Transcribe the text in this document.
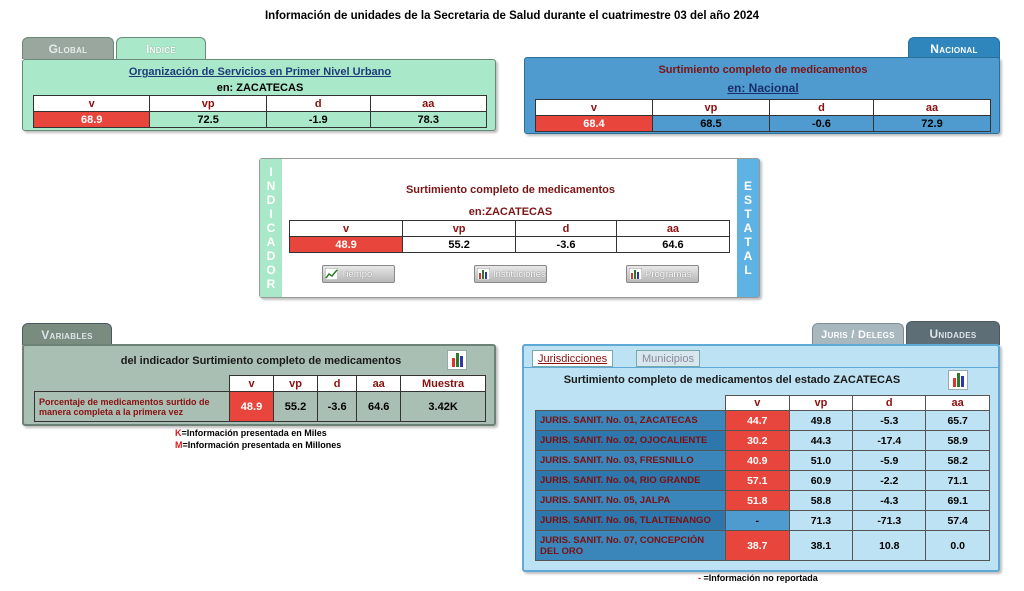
Información de unidades de la Secretaria de Salud durante el cuatrimestre 03 del año 2024
Global	Indice
Organización de Servicios en Primer Nivel Urbano
en: ZACATECAS
v	vp	d	aa
68.9	72.5	-1.9	78.3
Nacional
Surtimiento completo de medicamentos
en: Nacional
v	vp	d	aa
68.4	68.5	-0.6	72.9
I
N
D
I
C
A
D
O
R
E
S
T
A
T
A
L
Surtimiento completo de medicamentos
en:ZACATECAS
v	vp	d	aa
48.9	55.2	-3.6	64.6
Tiempo	Instituciones	Programas
Variables
del indicador Surtimiento completo de medicamentos
	v	vp	d	aa	Muestra
Porcentaje de medicamentos surtido de manera completa a la primera vez	48.9	55.2	-3.6	64.6	3.42K
K=Información presentada en Miles
M=Información presentada en Millones
Juris / Delegs	Unidades
Jurisdicciones	Municipios
Surtimiento completo de medicamentos del estado ZACATECAS
	v	vp	d	aa
JURIS. SANIT. No. 01, ZACATECAS	44.7	49.8	-5.3	65.7
JURIS. SANIT. No. 02, OJOCALIENTE	30.2	44.3	-17.4	58.9
JURIS. SANIT. No. 03, FRESNILLO	40.9	51.0	-5.9	58.2
JURIS. SANIT. No. 04, RIO GRANDE	57.1	60.9	-2.2	71.1
JURIS. SANIT. No. 05, JALPA	51.8	58.8	-4.3	69.1
JURIS. SANIT. No. 06, TLALTENANGO	-	71.3	-71.3	57.4
JURIS. SANIT. No. 07, CONCEPCIÓN DEL ORO	38.7	38.1	10.8	0.0
- =Información no reportada
